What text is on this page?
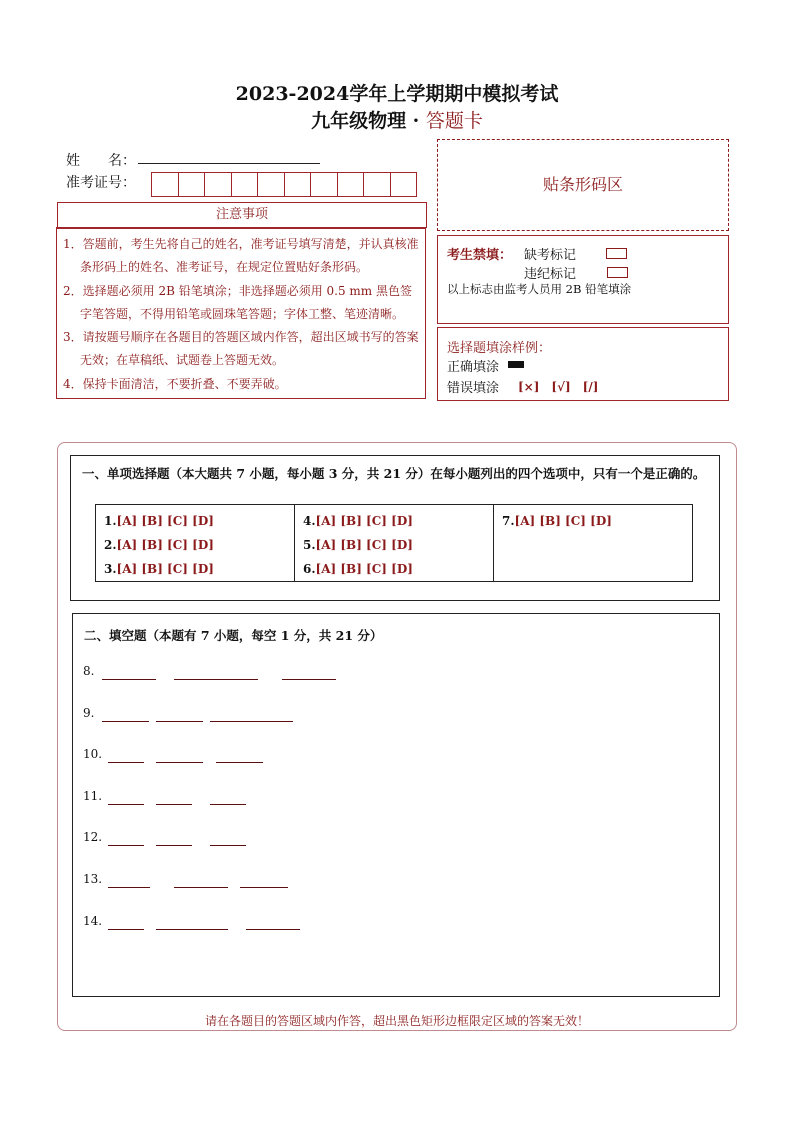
2023-2024学年上学期期中模拟考试
九年级物理 · 答题卡
姓　　名：
准考证号：
注意事项
1．答题前，考生先将自己的姓名，准考证号填写清楚，并认真核准条形码上的姓名、准考证号，在规定位置贴好条形码。
2．选择题必须用 2B 铅笔填涂；非选择题必须用 0.5 mm 黑色签字笔答题，不得用铅笔或圆珠笔答题；字体工整、笔迹清晰。
3．请按题号顺序在各题目的答题区域内作答，超出区域书写的答案无效；在草稿纸、试题卷上答题无效。
4．保持卡面清洁，不要折叠、不要弄破。
贴条形码区
考生禁填： 缺考标记
违纪标记
以上标志由监考人员用 2B 铅笔填涂
选择题填涂样例：
正确填涂
错误填涂 [×]　[√]　[/]
一、单项选择题（本大题共 7 小题，每小题 3 分，共 21 分）在每小题列出的四个选项中，只有一个是正确的。
1.[A] [B] [C] [D]
2.[A] [B] [C] [D]
3.[A] [B] [C] [D]
4.[A] [B] [C] [D]
5.[A] [B] [C] [D]
6.[A] [B] [C] [D]
7.[A] [B] [C] [D]
二、填空题（本题有 7 小题，每空 1 分，共 21 分）
8.
9.
10.
11.
12.
13.
14.
请在各题目的答题区域内作答，超出黑色矩形边框限定区域的答案无效！
